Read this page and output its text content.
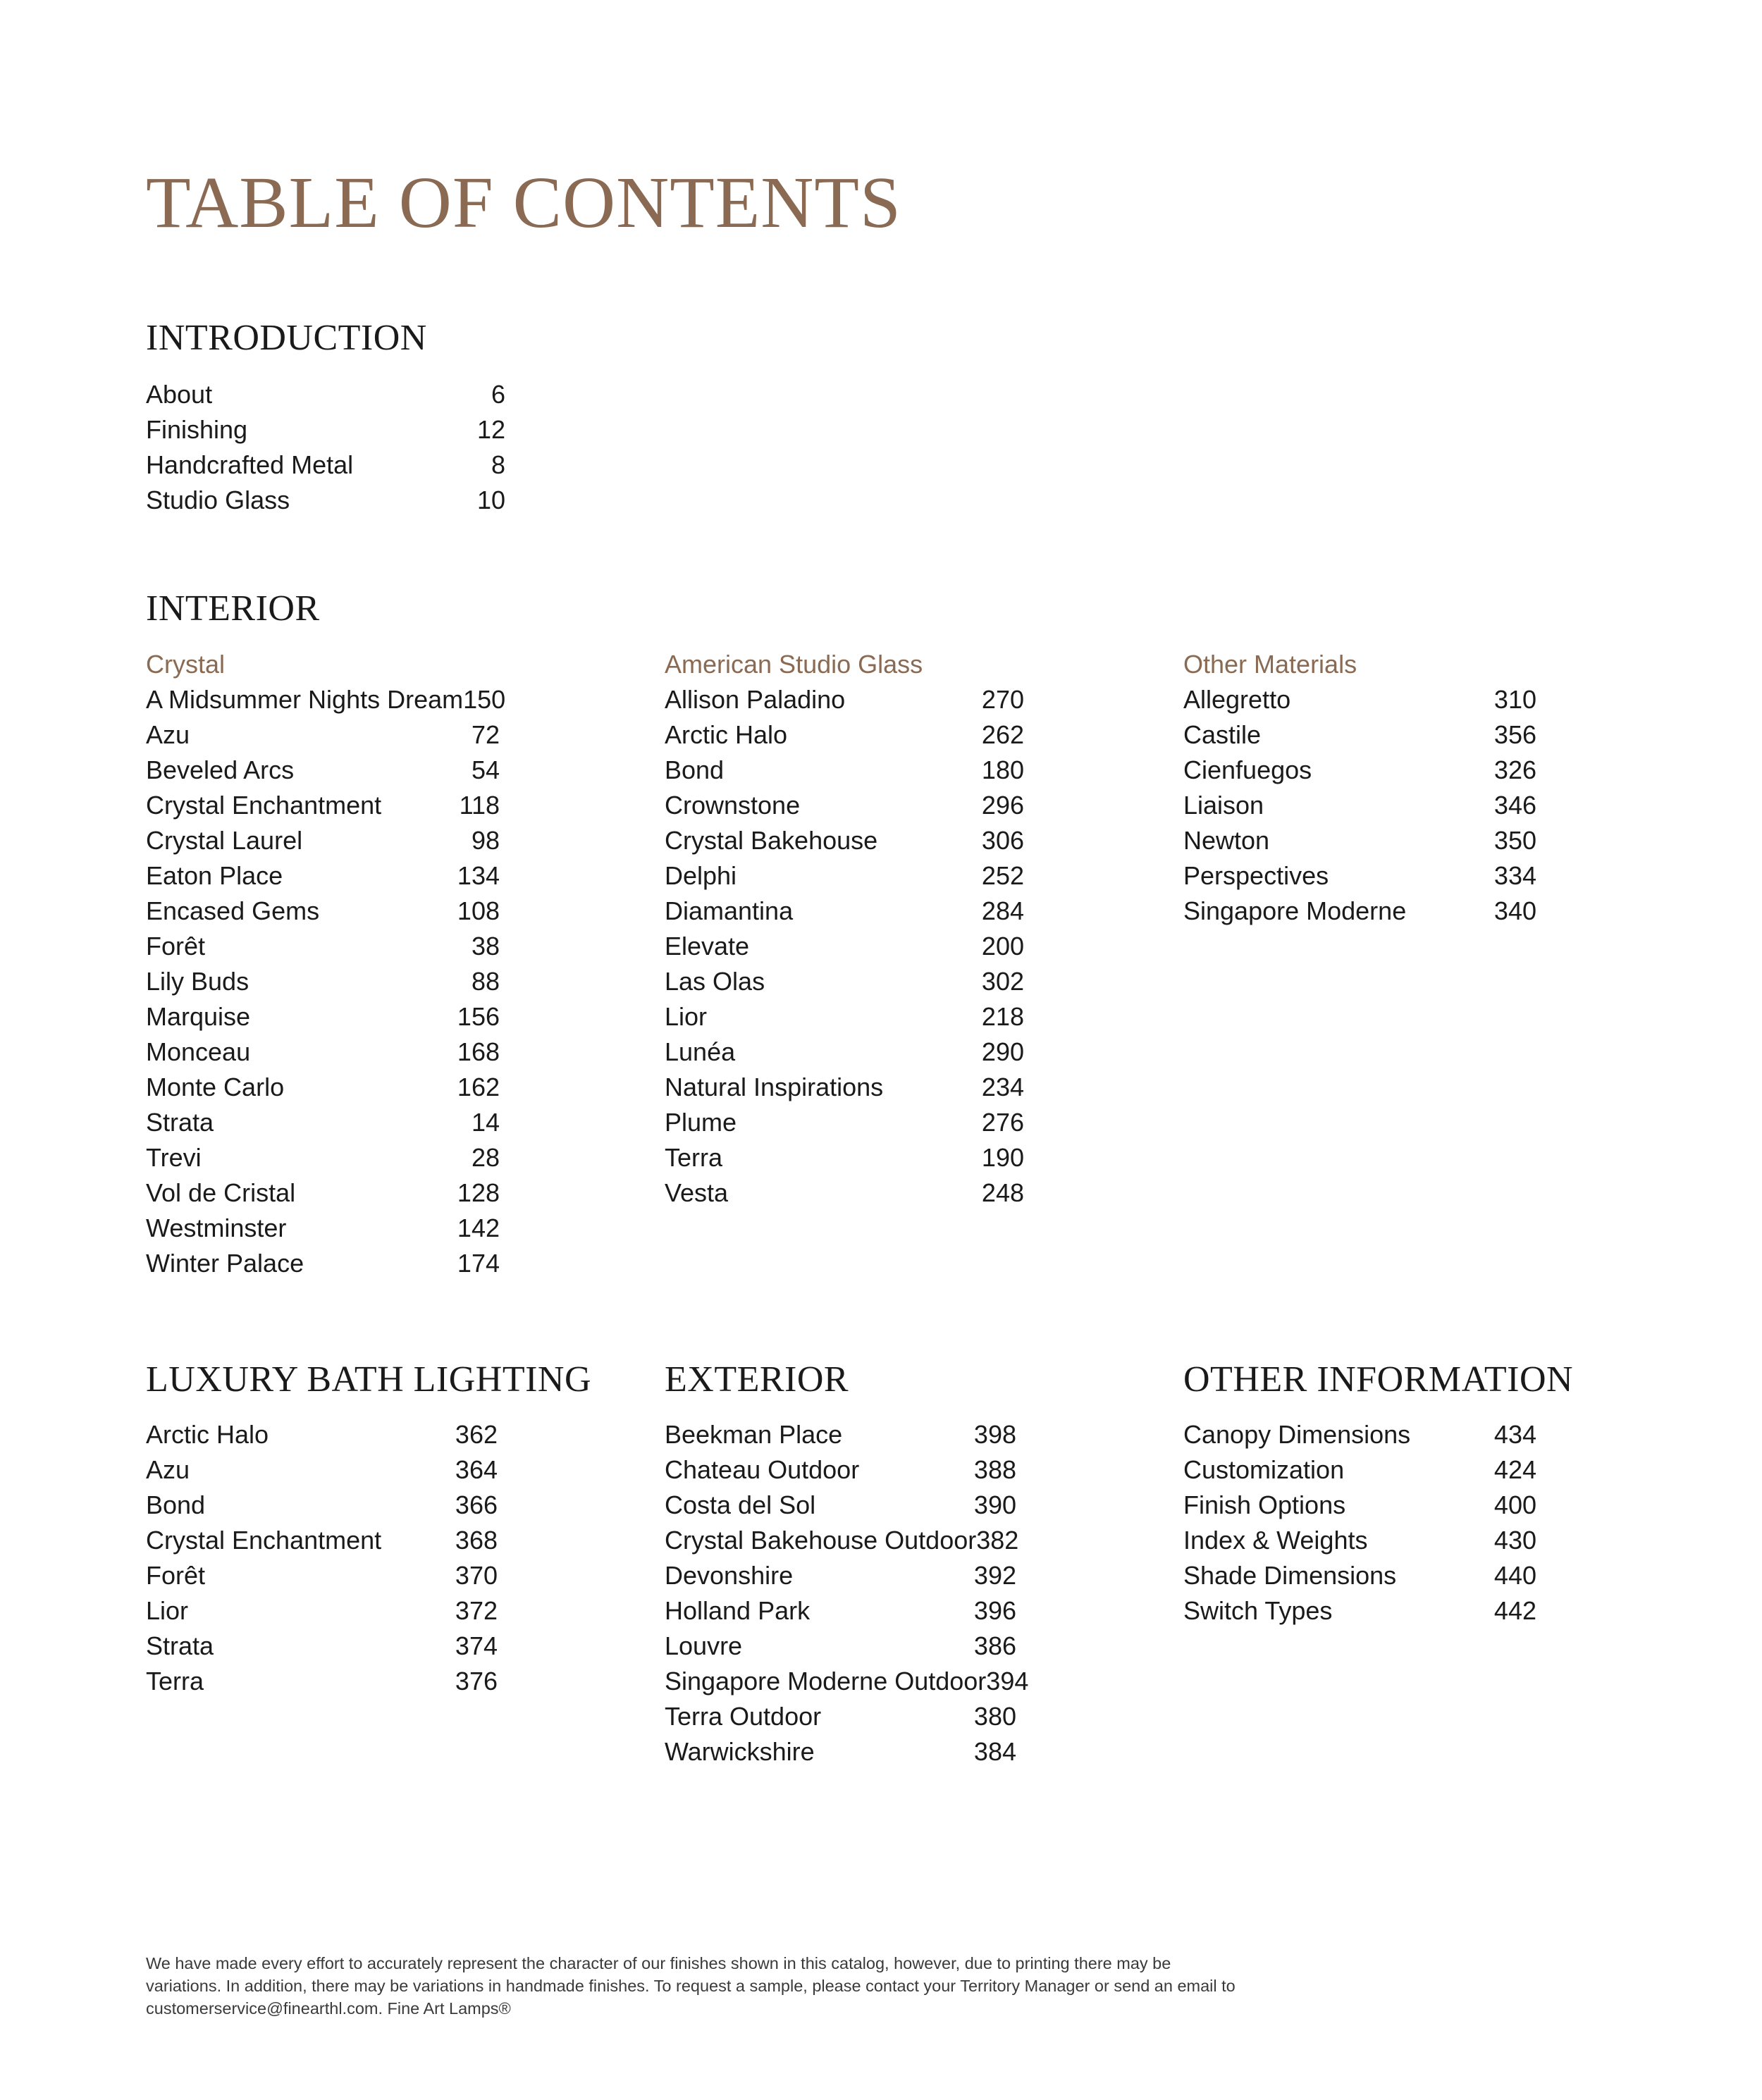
TABLE OF CONTENTS
INTRODUCTION
About	6
Finishing	12
Handcrafted Metal	8
Studio Glass	10
INTERIOR
Crystal
A Midsummer Nights Dream 150
Azu	72
Beveled Arcs	54
Crystal Enchantment	118
Crystal Laurel	98
Eaton Place	134
Encased Gems	108
Forêt	38
Lily Buds	88
Marquise	156
Monceau	168
Monte Carlo	162
Strata	14
Trevi	28
Vol de Cristal	128
Westminster	142
Winter Palace	174
American Studio Glass
Allison Paladino	270
Arctic Halo	262
Bond	180
Crownstone	296
Crystal Bakehouse	306
Delphi	252
Diamantina	284
Elevate	200
Las Olas	302
Lior	218
Lunéa	290
Natural Inspirations	234
Plume	276
Terra	190
Vesta	248
Other Materials
Allegretto	310
Castile	356
Cienfuegos	326
Liaison	346
Newton	350
Perspectives	334
Singapore Moderne	340
LUXURY BATH LIGHTING
Arctic Halo	362
Azu	364
Bond	366
Crystal Enchantment	368
Forêt	370
Lior	372
Strata	374
Terra	376
EXTERIOR
Beekman Place	398
Chateau Outdoor	388
Costa del Sol	390
Crystal Bakehouse Outdoor 382
Devonshire	392
Holland Park	396
Louvre	386
Singapore Moderne Outdoor 394
Terra Outdoor	380
Warwickshire	384
OTHER INFORMATION
Canopy Dimensions	434
Customization	424
Finish Options	400
Index & Weights	430
Shade Dimensions	440
Switch Types	442

We have made every effort to accurately represent the character of our finishes shown in this catalog, however, due to printing there may be variations. In addition, there may be variations in handmade finishes. To request a sample, please contact your Territory Manager or send an email to customerservice@finearthl.com. Fine Art Lamps®
